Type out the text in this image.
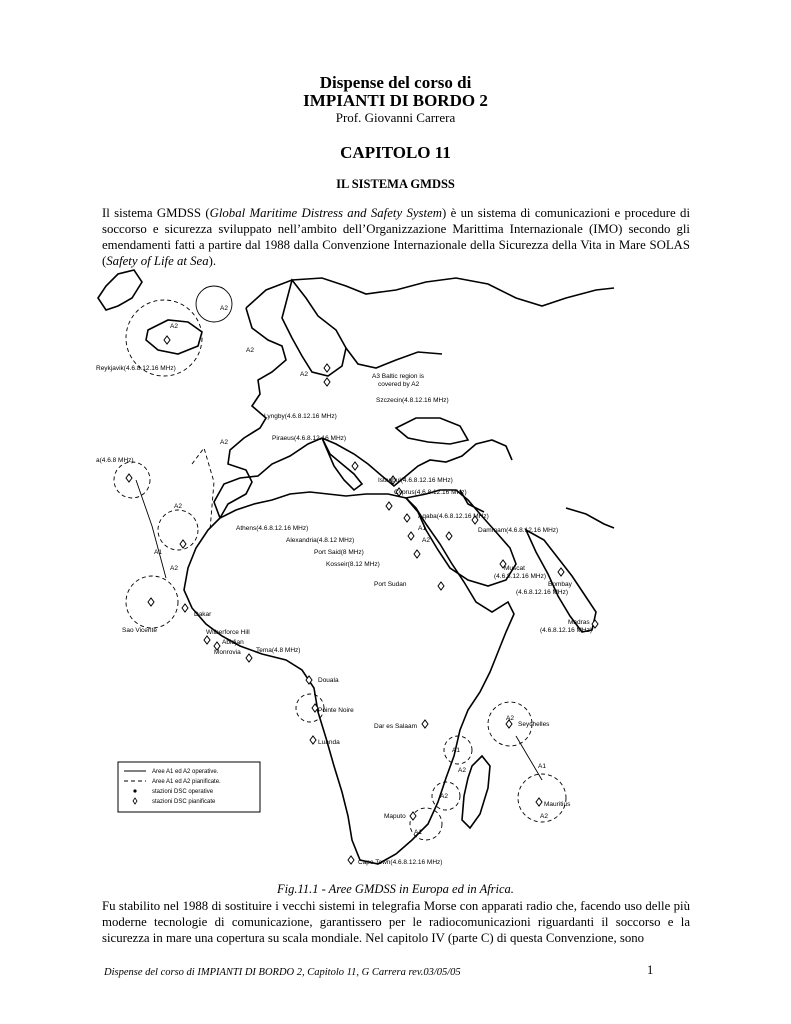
Dispense del corso di
IMPIANTI DI BORDO 2
Prof. Giovanni Carrera
CAPITOLO 11
IL SISTEMA GMDSS

Il sistema GMDSS (Global Maritime Distress and Safety System) è un sistema di comunicazioni e procedure di soccorso e sicurezza sviluppato nell’ambito dell’Organizzazione Marittima Internazionale (IMO) secondo gli emendamenti fatti a partire dal 1988 dalla Convenzione Internazionale della Sicurezza della Vita in Mare SOLAS (Safety of Life at Sea).

A2
A2
Reykjavik(4.6.8.12.16 MHz)
A3 Baltic region is
covered by A2
Szczecin(4.8.12.16 MHz)
Lyngby(4.6.8.12.16 MHz)
A2
A2
A2
Piraeus(4.6.8.12.16 MHz)
Istanbul(4.6.8.12.16 MHz)
Cyprus(4.6.8.12.16 MHz)
a(4.6.8 MHz)
Athens(4.6.8.12.16 MHz)
Alexandria(4.8.12 MHz)
Port Said(8 MHz)
Kosseir(8.12 MHz)
Aqaba(4.6.8.12.16 MHz)
Dammam(4.6.8.12.16 MHz)
A1
A2
Muscat
(4.6.8.12.16 MHz)
Bombay
(4.6.8.12.16 MHz)
Madras
(4.6.8.12.16 MHz)
Port Sudan
A2
A1
A2
Dakar
Sao Vicente	Wilberforce Hill
Abidjan
Monrovia Tema(4.8 MHz)
Douala
Pointe Noire
Luanda
Dar es Salaam	Seychelles
Mauritius
Maputo
Cape Town(4.6.8.12.16 MHz)
A1
A2
A2
A1
A1
A2
A2
Aree A1 ed A2 operative.
Aree A1 ed A2 pianificate.
stazioni DSC operative
stazioni DSC pianificate
Fig.11.1 - Aree GMDSS in Europa ed in Africa.

Fu stabilito nel 1988 di sostituire i vecchi sistemi in telegrafia Morse con apparati radio che, facendo uso delle più moderne tecnologie di comunicazione, garantissero per le radiocomunicazioni riguardanti il soccorso e la sicurezza in mare una copertura su scala mondiale. Nel capitolo IV (parte C) di questa Convenzione, sono

Dispense del corso di IMPIANTI DI BORDO 2, Capitolo 11, G Carrera rev.03/05/05	1
